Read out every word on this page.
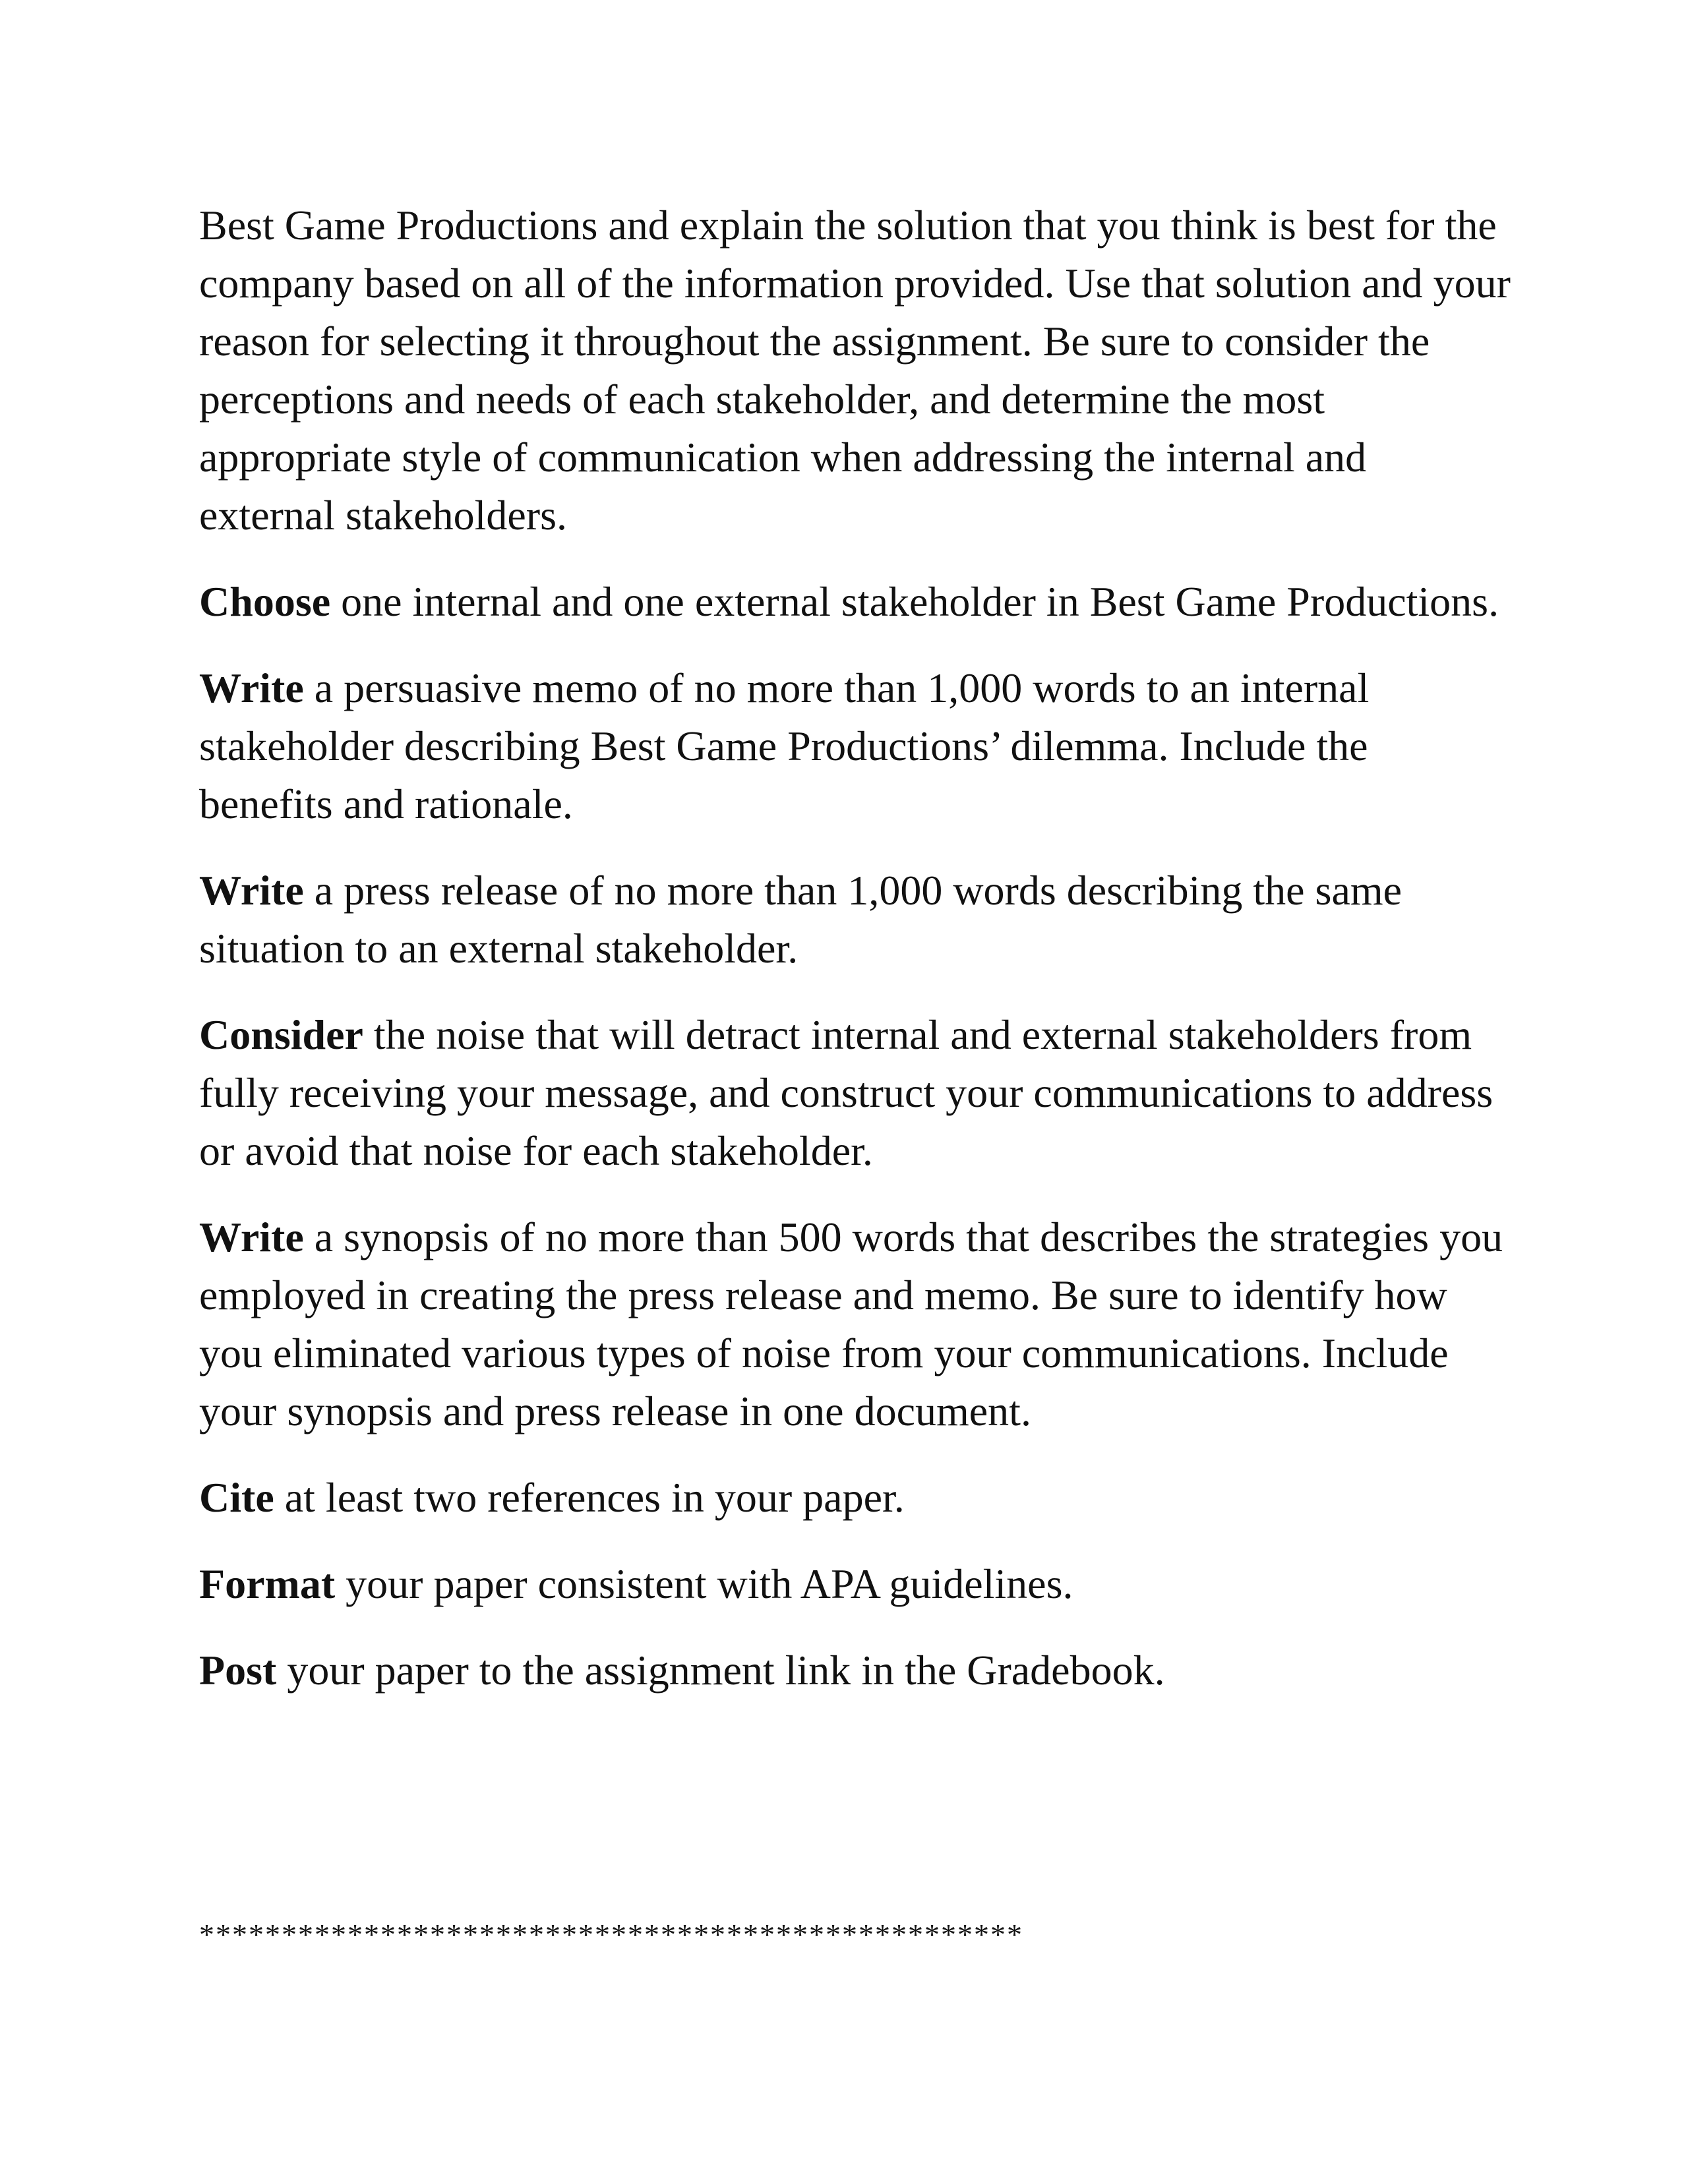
Best Game Productions and explain the solution that you think is best for the company based on all of the information provided. Use that solution and your reason for selecting it throughout the assignment. Be sure to consider the perceptions and needs of each stakeholder, and determine the most appropriate style of communication when addressing the internal and external stakeholders.

Choose one internal and one external stakeholder in Best Game Productions.

Write a persuasive memo of no more than 1,000 words to an internal stakeholder describing Best Game Productions’ dilemma. Include the benefits and rationale.

Write a press release of no more than 1,000 words describing the same situation to an external stakeholder.

Consider the noise that will detract internal and external stakeholders from fully receiving your message, and construct your communications to address or avoid that noise for each stakeholder.

Write a synopsis of no more than 500 words that describes the strategies you employed in creating the press release and memo. Be sure to identify how you eliminated various types of noise from your communications. Include your synopsis and press release in one document.

Cite at least two references in your paper.

Format your paper consistent with APA guidelines.

Post your paper to the assignment link in the Gradebook.

**************************************************
